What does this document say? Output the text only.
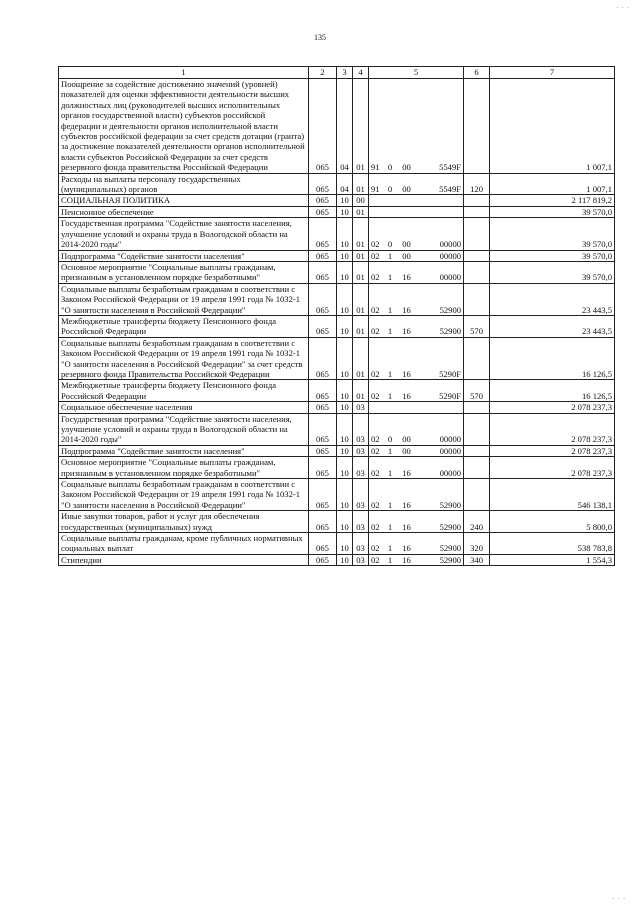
135
1	2	3	4	5				6	7
Поощрение за содействие достижению значений (уровней) показателей для оценки эффективности деятельности высших должностных лиц (руководителей высших исполнительных органов государственной власти) субъектов российской федерации и деятельности органов исполнительной власти субъектов российской федерации за счет средств дотации (гранта) за достижение показателей деятельности органов исполнительной власти субъектов Российской Федерации за счет средств резервного фонда правительства Российской Федерации	065	04	01	91	0	00	5549F		1 007,1
Расходы на выплаты персоналу государственных (муниципальных) органов	065	04	01	91	0	00	5549F	120	1 007,1
СОЦИАЛЬНАЯ ПОЛИТИКА	065	10	00						2 117 819,2
Пенсионное обеспечение	065	10	01						39 570,0
Государственная программа "Содействие занятости населения, улучшение условий и охраны труда в Вологодской области на 2014-2020 годы"	065	10	01	02	0	00	00000		39 570,0
Подпрограмма "Содействие занятости населения"	065	10	01	02	1	00	00000		39 570,0
Основное мероприятие "Социальные выплаты гражданам, признанным в установленном порядке безработными"	065	10	01	02	1	16	00000		39 570,0
Социальные выплаты безработным гражданам в соответствии с Законом Российской Федерации от 19 апреля 1991 года № 1032-1 "О занятости населения в Российской Федерации"	065	10	01	02	1	16	52900		23 443,5
Межбюджетные трансферты бюджету Пенсионного фонда Российской Федерации	065	10	01	02	1	16	52900	570	23 443,5
Социальные выплаты безработным гражданам в соответствии с Законом Российской Федерации от 19 апреля 1991 года № 1032-1 "О занятости населения в Российской Федерации" за счет средств резервного фонда Правительства Российской Федерации	065	10	01	02	1	16	5290F		16 126,5
Межбюджетные трансферты бюджету Пенсионного фонда Российской Федерации	065	10	01	02	1	16	5290F	570	16 126,5
Социальное обеспечение населения	065	10	03						2 078 237,3
Государственная программа "Содействие занятости населения, улучшение условий и охраны труда в Вологодской области на 2014-2020 годы"	065	10	03	02	0	00	00000		2 078 237,3
Подпрограмма "Содействие занятости населения"	065	10	03	02	1	00	00000		2 078 237,3
Основное мероприятие "Социальные выплаты гражданам, признанным в установленном порядке безработными"	065	10	03	02	1	16	00000		2 078 237,3
Социальные выплаты безработным гражданам в соответствии с Законом Российской Федерации от 19 апреля 1991 года № 1032-1 "О занятости населения в Российской Федерации"	065	10	03	02	1	16	52900		546 138,1
Иные закупки товаров, работ и услуг для обеспечения государственных (муниципальных) нужд	065	10	03	02	1	16	52900	240	5 800,0
Социальные выплаты гражданам, кроме публичных нормативных социальных выплат	065	10	03	02	1	16	52900	320	538 783,8
Стипендии	065	10	03	02	1	16	52900	340	1 554,3
. . .
. . .
